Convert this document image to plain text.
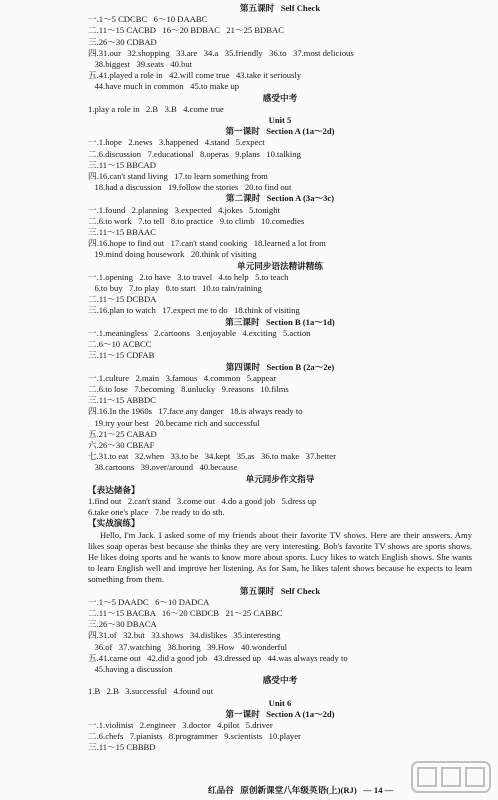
第五课时   Self Check
一.1～5 CDCBC   6～10 DAABC
二.11～15 CACBD   16～20 BDBAC   21～25 BDBAC
三.26～30 CDBAD
四.31.our   32.shopping   33.are   34.a   35.friendly   36.to   37.most delicious
38.biggest   39.seats   40.but
五.41.played a role in   42.will come true   43.take it seriously
44.have much in common   45.to make up
感受中考
1.play a role in   2.B   3.B   4.come true
Unit 5
第一课时   Section A (1a～2d)
一.1.hope   2.news   3.happened   4.stand   5.expect
二.6.discussion   7.educational   8.operas   9.plans   10.talking
三.11～15 BBCAD
四.16.can't stand living   17.to learn something from
18.had a discussion   19.follow the stories   20.to find out
第二课时   Section A (3a～3c)
一.1.found   2.planning   3.expected   4.jokes   5.tonight
二.6.to work   7.to tell   8.to practice   9.to climb   10.comedies
三.11～15 BBAAC
四.16.hope to find out   17.can't stand cooking   18.learned a lot from
19.mind doing housework   20.think of visiting
单元同步语法精讲精练
一.1.opening   2.to have   3.to travel   4.to help   5.to teach
6.to buy   7.to play   8.to start   10.to rain/raining
二.11～15 DCBDA
三.16.plan to watch   17.expect me to do   18.think of visiting
第三课时   Section B (1a～1d)
一.1.meaningless   2.cartoons   3.enjoyable   4.exciting   5.action
二.6～10 ACBCC
三.11～15 CDFAB
第四课时   Section B (2a～2e)
一.1.culture   2.main   3.famous   4.common   5.appear
二.6.to lose   7.becoming   8.unlucky   9.reasons   10.films
三.11～15 ABBDC
四.16.In the 1960s   17.face any danger   18.is always ready to
19.try your best   20.became rich and successful
五.21～25 CABAD
六.26～30 CBEAF
七.31.to eat   32.when   33.to be   34.kept   35.as   36.to make   37.better
38.cartoons   39.over/around   40.because
单元同步作文指导
【表达储备】
1.find out   2.can't stand   3.come out   4.do a good job   5.dress up
6.take one's place   7.be ready to do sth.
【实战演练】
Hello, I'm Jack. I asked some of my friends about their favorite TV shows. Here are their answers. Amy likes soap operas best because she thinks they are very interesting. Bob's favorite TV shows are sports shows. He likes doing sports and he wants to know more about sports. Lucy likes to watch English shows. She wants to learn English well and improve her listening. As for Sam, he likes talent shows because he expects to learn something from them.
第五课时   Self Check
一.1～5 DAADC   6～10 DADCA
二.11～15 BACBA   16～20 CBDCB   21～25 CABBC
三.26～30 DBACA
四.31.of   32.but   33.shows   34.dislikes   35.interesting
36.of   37.watching   38.boring   39.How   40.wonderful
五.41.came out   42.did a good job   43.dressed up   44.was always ready to
45.having a discussion
感受中考
1.B   2.B   3.successful   4.found out
Unit 6
第一课时   Section A (1a～2d)
一.1.violinist   2.engineer   3.doctor   4.pilot   5.driver
二.6.chefs   7.pianists   8.programmer   9.scientists   10.player
三.11～15 CBBBD
红品谷   原创新课堂八年级英语(上)(RJ)   — 14 —
